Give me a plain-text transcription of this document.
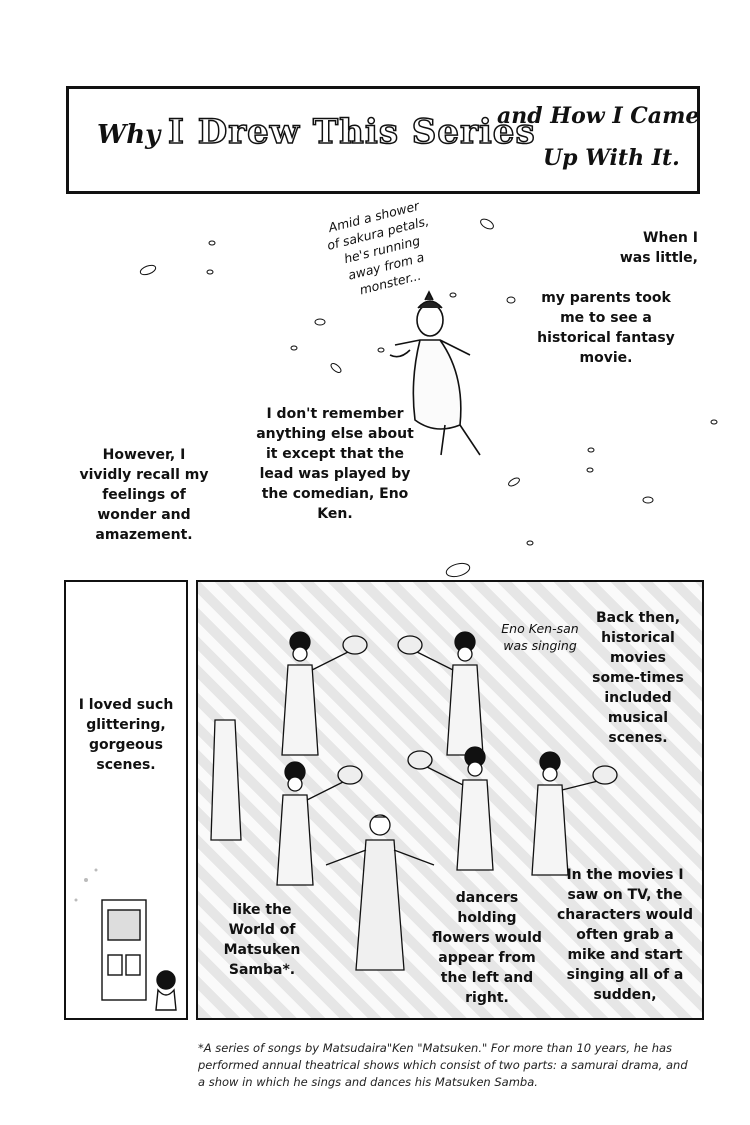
Why I Drew This Series
and How I Came
Up With It.
Amid a shower of sakura petals, he's running away from a monster...
When I was little,
my parents took me to see a historical fantasy movie.
I don't remember anything else about it except that the lead was played by the comedian, Eno Ken.
However, I vividly recall my feelings of wonder and amazement.
I loved such glittering, gorgeous scenes.
Eno Ken-san was singing
Back then, historical movies some-times included musical scenes.
like the World of Matsuken Samba*.
dancers holding flowers would appear from the left and right.
In the movies I saw on TV, the characters would often grab a mike and start singing all of a sudden,
*A series of songs by Matsudaira"Ken "Matsuken." For more than 10 years, he has performed annual theatrical shows which consist of two parts: a samurai drama, and a show in which he sings and dances his Matsuken Samba.
